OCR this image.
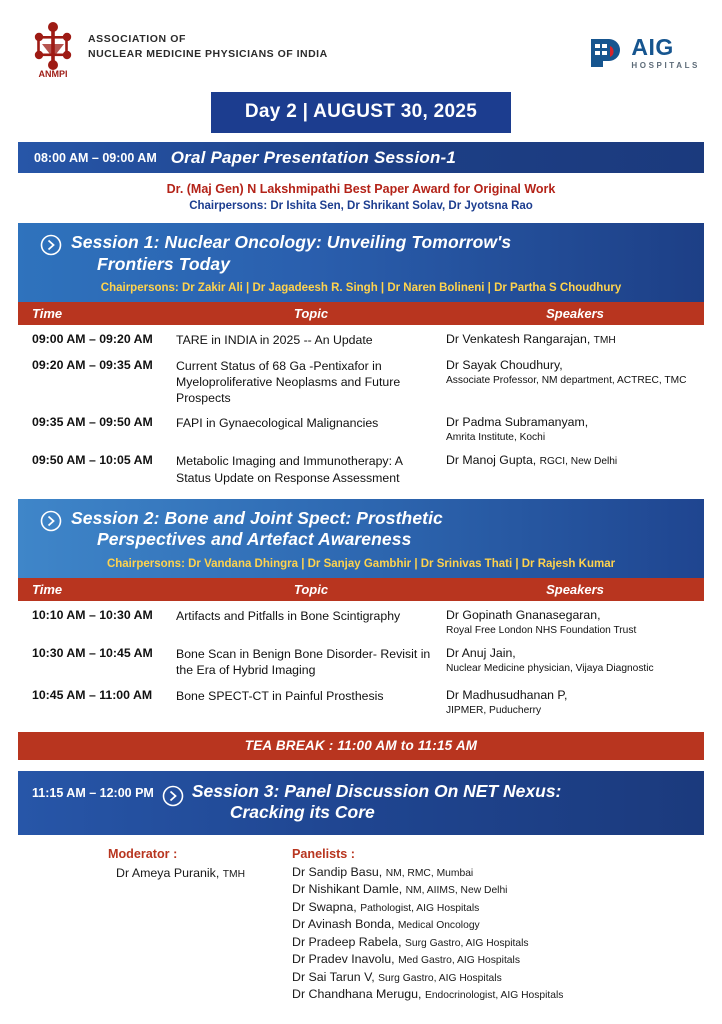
ANMPI
ASSOCIATION OF
NUCLEAR MEDICINE PHYSICIANS OF INDIA	AIG
HOSPITALS
Day 2 | AUGUST 30, 2025
08:00 AM – 09:00 AM Oral Paper Presentation Session-1
Dr. (Maj Gen) N Lakshmipathi Best Paper Award for Original Work
Chairpersons: Dr Ishita Sen, Dr Shrikant Solav, Dr Jyotsna Rao
Session 1: Nuclear Oncology: Unveiling Tomorrow's
Frontiers Today
Chairpersons: Dr Zakir Ali | Dr Jagadeesh R. Singh | Dr Naren Bolineni | Dr Partha S Choudhury
Time	Topic	Speakers
09:00 AM – 09:20 AM	TARE in INDIA in 2025 -- An Update	Dr Venkatesh Rangarajan, TMH
09:20 AM – 09:35 AM	Current Status of 68 Ga -Pentixafor in Myeloproliferative Neoplasms and Future Prospects
Dr Sayak Choudhury,
Associate Professor, NM department, ACTREC, TMC
09:35 AM – 09:50 AM	FAPI in Gynaecological Malignancies	Dr Padma Subramanyam,
Amrita Institute, Kochi
09:50 AM – 10:05 AM	Metabolic Imaging and Immunotherapy: A Status Update on Response Assessment
Dr Manoj Gupta, RGCI, New Delhi
Session 2: Bone and Joint Spect: Prosthetic
Perspectives and Artefact Awareness
Chairpersons: Dr Vandana Dhingra | Dr Sanjay Gambhir | Dr Srinivas Thati | Dr Rajesh Kumar
Time	Topic	Speakers
10:10 AM – 10:30 AM	Artifacts and Pitfalls in Bone Scintigraphy	Dr Gopinath Gnanasegaran,
Royal Free London NHS Foundation Trust
10:30 AM – 10:45 AM	Bone Scan in Benign Bone Disorder- Revisit in the Era of Hybrid Imaging
Dr Anuj Jain,
Nuclear Medicine physician, Vijaya Diagnostic
10:45 AM – 11:00 AM	Bone SPECT-CT in Painful Prosthesis	Dr Madhusudhanan P,
JIPMER, Puducherry
TEA BREAK : 11:00 AM to 11:15 AM
11:15 AM – 12:00 PM	Session 3: Panel Discussion On NET Nexus:
Cracking its Core
Moderator :
Dr Ameya Puranik, TMH
Panelists :
Dr Sandip Basu, NM, RMC, Mumbai
Dr Nishikant Damle, NM, AIIMS, New Delhi
Dr Swapna, Pathologist, AIG Hospitals
Dr Avinash Bonda, Medical Oncology
Dr Pradeep Rabela, Surg Gastro, AIG Hospitals
Dr Pradev Inavolu, Med Gastro, AIG Hospitals
Dr Sai Tarun V, Surg Gastro, AIG Hospitals
Dr Chandhana Merugu, Endocrinologist, AIG Hospitals
